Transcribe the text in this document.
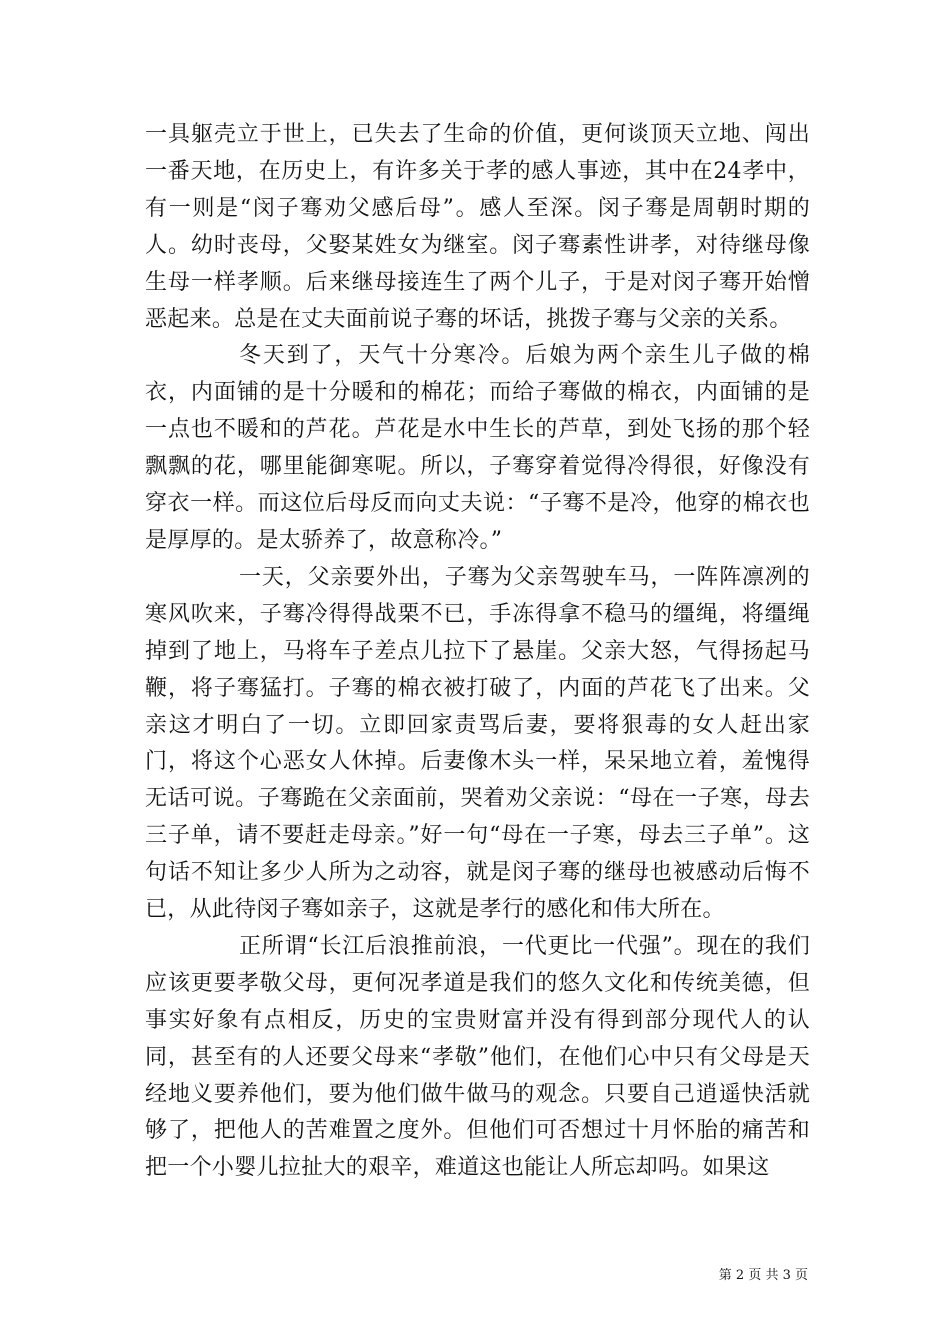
一具躯壳立于世上，已失去了生命的价值，更何谈顶天立地、闯出一番天地，在历史上，有许多关于孝的感人事迹，其中在24孝中，有一则是“闵子骞劝父感后母”。感人至深。闵子骞是周朝时期的人。幼时丧母，父娶某姓女为继室。闵子骞素性讲孝，对待继母像生母一样孝顺。后来继母接连生了两个儿子，于是对闵子骞开始憎恶起来。总是在丈夫面前说子骞的坏话，挑拨子骞与父亲的关系。

冬天到了，天气十分寒冷。后娘为两个亲生儿子做的棉衣，内面铺的是十分暖和的棉花；而给子骞做的棉衣，内面铺的是一点也不暖和的芦花。芦花是水中生长的芦草，到处飞扬的那个轻飘飘的花，哪里能御寒呢。所以，子骞穿着觉得冷得很，好像没有穿衣一样。而这位后母反而向丈夫说：“子骞不是冷，他穿的棉衣也是厚厚的。是太骄养了，故意称冷。”

一天，父亲要外出，子骞为父亲驾驶车马，一阵阵凛冽的寒风吹来，子骞冷得得战栗不已，手冻得拿不稳马的缰绳，将缰绳掉到了地上，马将车子差点儿拉下了悬崖。父亲大怒，气得扬起马鞭，将子骞猛打。子骞的棉衣被打破了，内面的芦花飞了出来。父亲这才明白了一切。立即回家责骂后妻，要将狠毒的女人赶出家门，将这个心恶女人休掉。后妻像木头一样，呆呆地立着，羞愧得无话可说。子骞跪在父亲面前，哭着劝父亲说：“母在一子寒，母去三子单，请不要赶走母亲。”好一句“母在一子寒，母去三子单”。这句话不知让多少人所为之动容，就是闵子骞的继母也被感动后悔不已，从此待闵子骞如亲子，这就是孝行的感化和伟大所在。

正所谓“长江后浪推前浪，一代更比一代强”。现在的我们应该更要孝敬父母，更何况孝道是我们的悠久文化和传统美德，但事实好象有点相反，历史的宝贵财富并没有得到部分现代人的认同，甚至有的人还要父母来“孝敬”他们，在他们心中只有父母是天经地义要养他们，要为他们做牛做马的观念。只要自己逍遥快活就够了，把他人的苦难置之度外。但他们可否想过十月怀胎的痛苦和把一个小婴儿拉扯大的艰辛，难道这也能让人所忘却吗。如果这

第 2 页 共 3 页
